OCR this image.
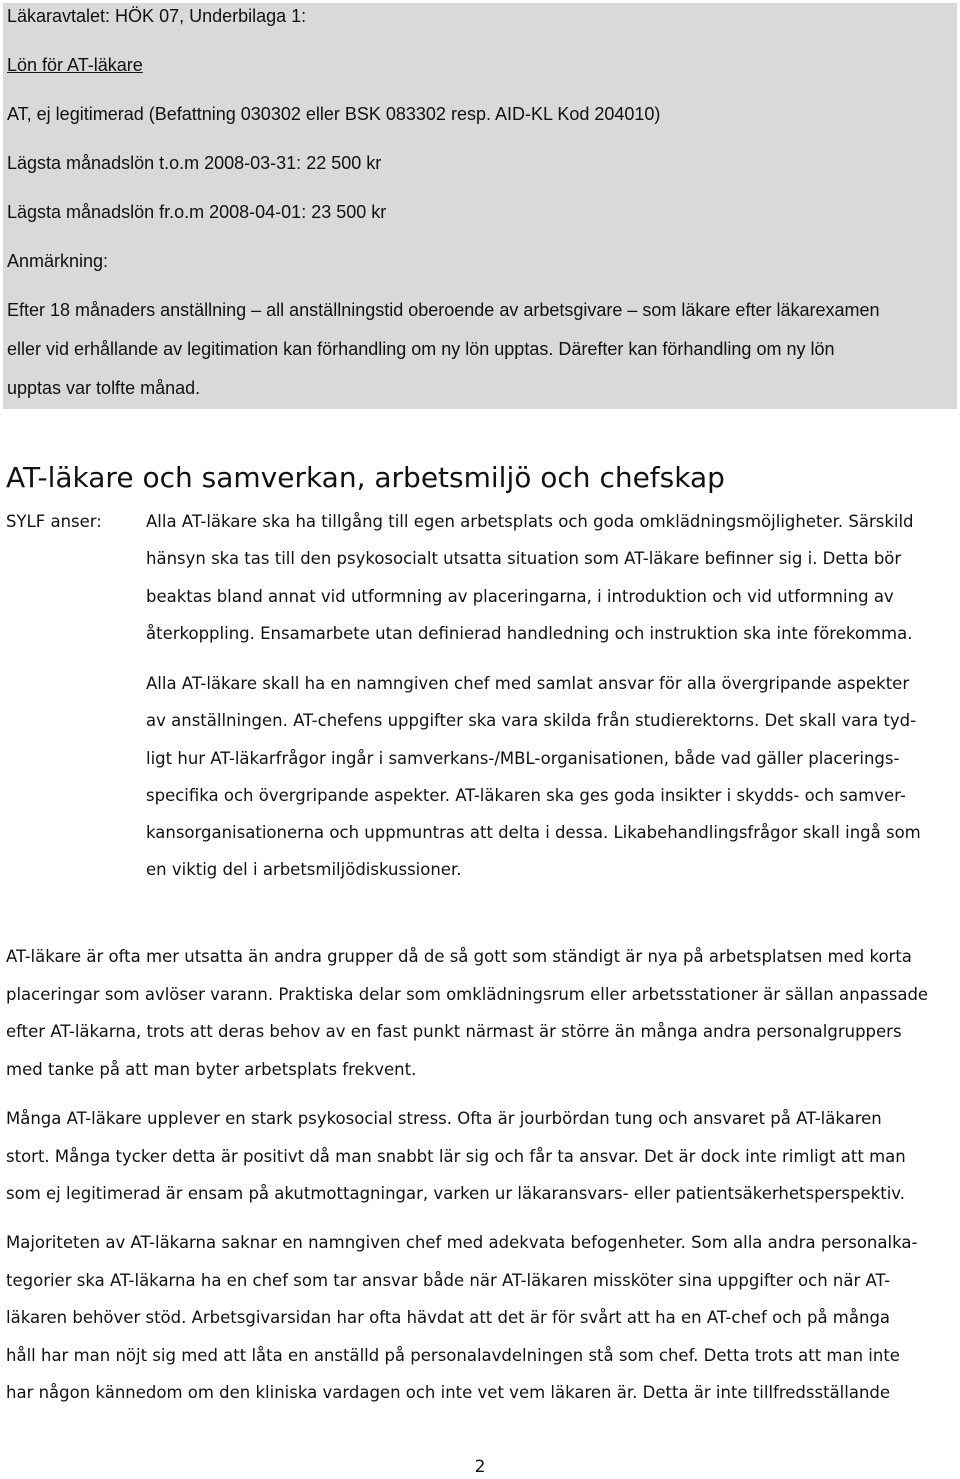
Läkaravtalet: HÖK 07, Underbilaga 1:
Lön för AT-läkare
AT, ej legitimerad (Befattning 030302 eller BSK 083302 resp. AID-KL Kod 204010)
Lägsta månadslön t.o.m 2008-03-31: 22 500 kr
Lägsta månadslön fr.o.m 2008-04-01: 23 500 kr
Anmärkning:
Efter 18 månaders anställning – all anställningstid oberoende av arbetsgivare – som läkare efter läkarexamen
eller vid erhållande av legitimation kan förhandling om ny lön upptas. Därefter kan förhandling om ny lön
upptas var tolfte månad.
AT-läkare och samverkan, arbetsmiljö och chefskap
SYLF anser:	Alla AT-läkare ska ha tillgång till egen arbetsplats och goda omklädningsmöjligheter. Särskild
hänsyn ska tas till den psykosocialt utsatta situation som AT-läkare befinner sig i. Detta bör
beaktas bland annat vid utformning av placeringarna, i introduktion och vid utformning av
återkoppling. Ensamarbete utan definierad handledning och instruktion ska inte förekomma.
Alla AT-läkare skall ha en namngiven chef med samlat ansvar för alla övergripande aspekter
av anställningen. AT-chefens uppgifter ska vara skilda från studierektorns. Det skall vara tyd-
ligt hur AT-läkarfrågor ingår i samverkans-/MBL-organisationen, både vad gäller placerings-
specifika och övergripande aspekter. AT-läkaren ska ges goda insikter i skydds- och samver-
kansorganisationerna och uppmuntras att delta i dessa. Likabehandlingsfrågor skall ingå som
en viktig del i arbetsmiljödiskussioner.
AT-läkare är ofta mer utsatta än andra grupper då de så gott som ständigt är nya på arbetsplatsen med korta
placeringar som avlöser varann. Praktiska delar som omklädningsrum eller arbetsstationer är sällan anpassade
efter AT-läkarna, trots att deras behov av en fast punkt närmast är större än många andra personalgruppers
med tanke på att man byter arbetsplats frekvent.
Många AT-läkare upplever en stark psykosocial stress. Ofta är jourbördan tung och ansvaret på AT-läkaren
stort. Många tycker detta är positivt då man snabbt lär sig och får ta ansvar. Det är dock inte rimligt att man
som ej legitimerad är ensam på akutmottagningar, varken ur läkaransvars- eller patientsäkerhetsperspektiv.
Majoriteten av AT-läkarna saknar en namngiven chef med adekvata befogenheter. Som alla andra personalka-
tegorier ska AT-läkarna ha en chef som tar ansvar både när AT-läkaren missköter sina uppgifter och när AT-
läkaren behöver stöd. Arbetsgivarsidan har ofta hävdat att det är för svårt att ha en AT-chef och på många
håll har man nöjt sig med att låta en anställd på personalavdelningen stå som chef. Detta trots att man inte
har någon kännedom om den kliniska vardagen och inte vet vem läkaren är. Detta är inte tillfredsställande
2
